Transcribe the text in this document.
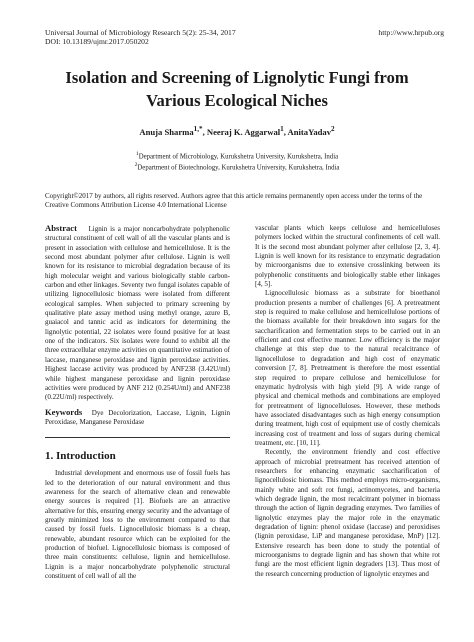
Universal Journal of Microbiology Research 5(2): 25-34, 2017
DOI: 10.13189/ujmr.2017.050202
http://www.hrpub.org
Isolation and Screening of Lignolytic Fungi from
Various Ecological Niches
Anuja Sharma$^{1,*}$, Neeraj K. Aggarwal$^1$, AnitaYadav$^2$
$^1$Department of Microbiology, Kurukshetra University, Kurukshetra, India
$^2$Department of Biotechnology, Kurukshetra University, Kurukshetra, India
Copyright©2017 by authors, all rights reserved. Authors agree that this article remains permanently open access under the terms of the Creative Commons Attribution License 4.0 International License

Abstract Lignin is a major noncarbohydrate polyphenolic structural constituent of cell wall of all the vascular plants and is present in association with cellulose and hemicellulose. It is the second most abundant polymer after cellulose. Lignin is well known for its resistance to microbial degradation because of its high molecular weight and various biologically stable carbon-carbon and ether linkages. Seventy two fungal isolates capable of utilizing lignocellulosic biomass were isolated from different ecological samples. When subjected to primary screening by qualitative plate assay method using methyl orange, azure B, guaiacol and tannic acid as indicators for determining the lignolytic potential, 22 isolates were found positive for at least one of the indicators. Six isolates were found to exhibit all the three extracellular enzyme activities on quantitative estimation of laccase, manganese peroxidase and lignin peroxidase activities. Highest laccase activity was produced by ANF238 (3.42U/ml) while highest manganese peroxidase and lignin peroxidase activities were produced by ANF 212 (0.254U/ml) and ANF238 (0.22U/ml) respectively.

Keywords Dye Decolorization, Laccase, Lignin, Lignin Peroxidase, Manganese Peroxidase

1. Introduction

Industrial development and enormous use of fossil fuels has led to the deterioration of our natural environment and thus awareness for the search of alternative clean and renewable energy sources is required [1]. Biofuels are an attractive alternative for this, ensuring energy security and the advantage of greatly minimized loss to the environment compared to that caused by fossil fuels. Lignocellulosic biomass is a cheap, renewable, abundant resource which can be exploited for the production of biofuel. Lignocellulosic biomass is composed of three main constituents: cellulose, lignin and hemicellulose. Lignin is a major noncarbohydrate polyphenolic structural constituent of cell wall of all the

vascular plants which keeps cellulose and hemicelluloses polymers locked within the structural confinements of cell wall. It is the second most abundant polymer after cellulose [2, 3, 4]. Lignin is well known for its resistance to enzymatic degradation by microorganisms due to extensive crosslinking between its polyphenolic constituents and biologically stable ether linkages [4, 5].

Lignocellulosic biomass as a substrate for bioethanol production presents a number of challenges [6]. A pretreatment step is required to make cellulose and hemicellulose portions of the biomass available for their breakdown into sugars for the saccharification and fermentation steps to be carried out in an efficient and cost effective manner. Low efficiency is the major challenge at this step due to the natural recalcitrance of lignocellulose to degradation and high cost of enzymatic conversion [7, 8]. Pretreatment is therefore the most essential step required to prepare cellulose and hemicellulose for enzymatic hydrolysis with high yield [9]. A wide range of physical and chemical methods and combinations are employed for pretreatment of lignocelluloses. However, these methods have associated disadvantages such as high energy consumption during treatment, high cost of equipment use of costly chemicals increasing cost of treatment and loss of sugars during chemical treatment, etc. [10, 11].

Recently, the environment friendly and cost effective approach of microbial pretreatment has received attention of researchers for enhancing enzymatic saccharification of lignocellulosic biomass. This method employs micro-organisms, mainly white and soft rot fungi, actinomycetes, and bacteria which degrade lignin, the most recalcitrant polymer in biomass through the action of lignin degrading enzymes. Two families of lignolytic enzymes play the major role in the enzymatic degradation of lignin: phenol oxidase (laccase) and peroxidises (lignin peroxidase, LiP and manganese peroxidase, MnP) [12]. Extensive research has been done to study the potential of microorganisms to degrade lignin and has shown that white rot fungi are the most efficient lignin degraders [13]. Thus most of the research concerning production of lignolytic enzymes and
